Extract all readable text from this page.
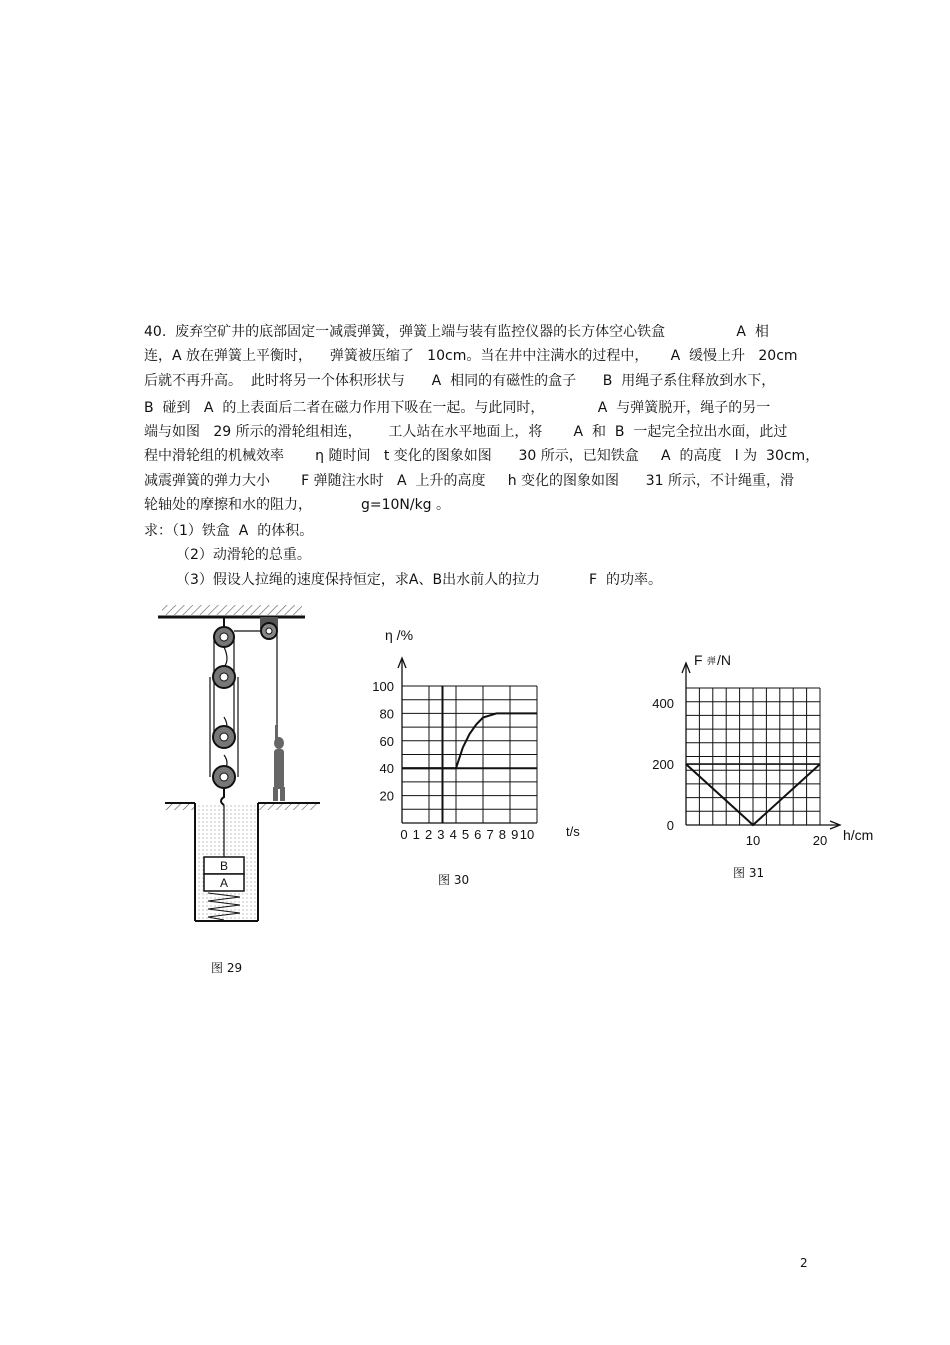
40.  废弃空矿井的底部固定一减震弹簧，弹簧上端与装有监控仪器的长方体空心铁盒                A  相
连，A 放在弹簧上平衡时，    弹簧被压缩了   10cm。当在井中注满水的过程中，     A  缓慢上升   20cm
后就不再升高。  此时将另一个体积形状与      A  相同的有磁性的盒子      B  用绳子系住释放到水下，
B  碰到   A  的上表面后二者在磁力作用下吸在一起。与此同时，            A  与弹簧脱开，绳子的另一
端与如图   29 所示的滑轮组相连，      工人站在水平地面上，将       A  和  B  一起完全拉出水面，此过
程中滑轮组的机械效率       η 随时间   t 变化的图象如图      30 所示，已知铁盒     A  的高度   l 为  30cm，
减震弹簧的弹力大小       F 弹随注水时   A  上升的高度     h 变化的图象如图      31 所示，不计绳重，滑
轮轴处的摩擦和水的阻力，           g=10N/kg 。
求：（1）铁盒  A  的体积。
（2）动滑轮的总重。
（3）假设人拉绳的速度保持恒定，求A、B出水前人的拉力           F  的功率。
B
A
图 29
20
40
60
80
100
0 1 2 3 4 5 6 7 8 9 10
η /%
t/s
图 30
0
200
400
10	20
F 弹 /N
h/cm
图 31
2
